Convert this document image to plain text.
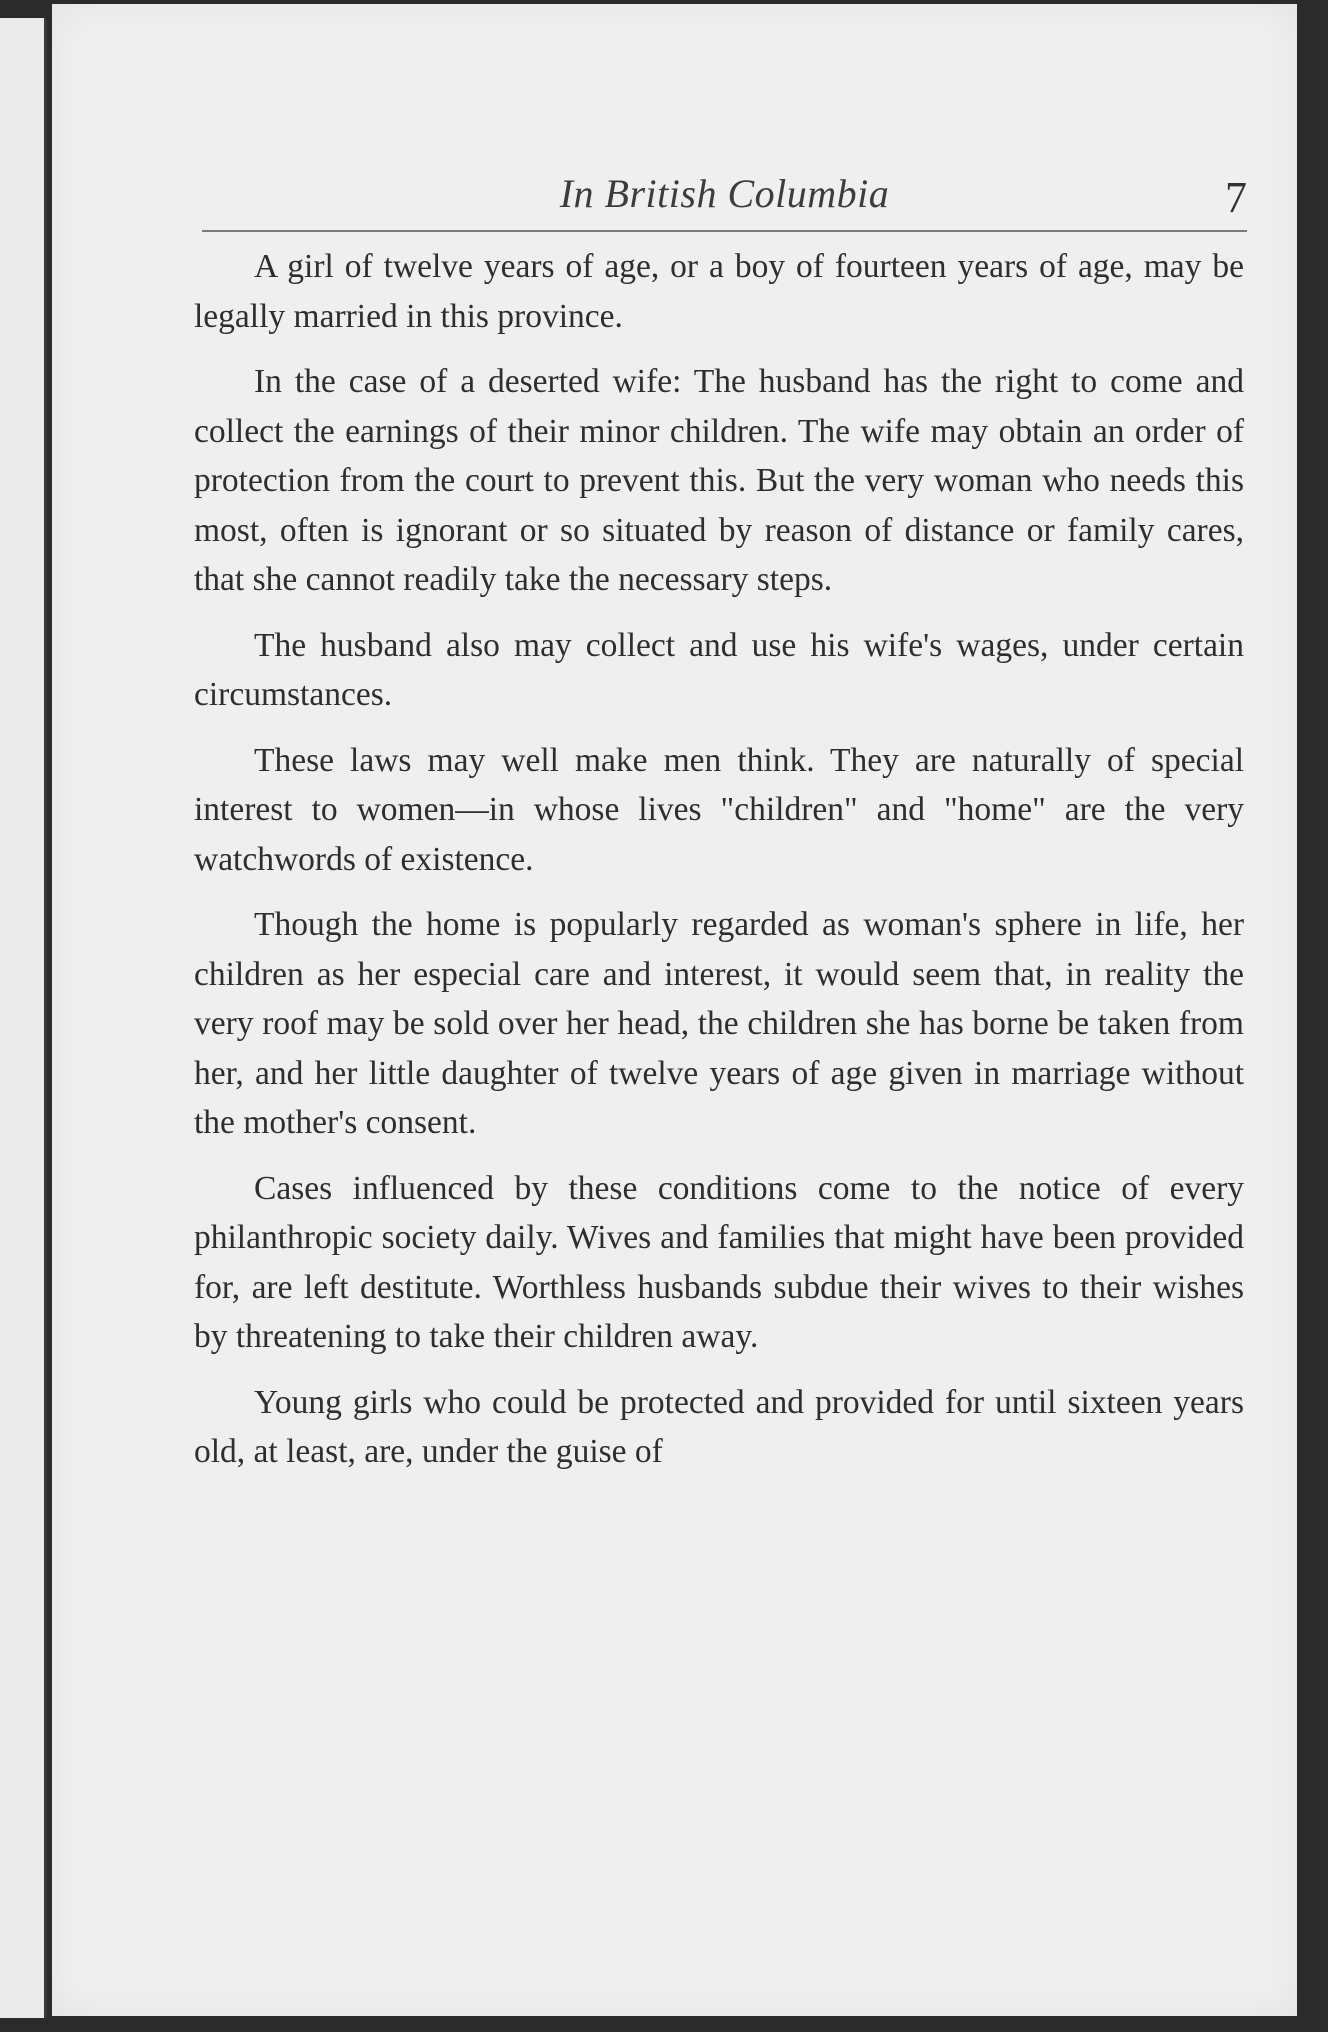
In British Columbia	7

A girl of twelve years of age, or a boy of fourteen years of age, may be legally married in this province.

In the case of a deserted wife: The husband has the right to come and collect the earnings of their minor children. The wife may obtain an order of protection from the court to prevent this. But the very woman who needs this most, often is ignorant or so situated by reason of distance or family cares, that she cannot readily take the necessary steps.

The husband also may collect and use his wife's wages, under certain circumstances.

These laws may well make men think. They are naturally of special interest to women—in whose lives "children" and "home" are the very watchwords of existence.

Though the home is popularly regarded as woman's sphere in life, her children as her especial care and interest, it would seem that, in reality the very roof may be sold over her head, the children she has borne be taken from her, and her little daughter of twelve years of age given in marriage without the mother's consent.

Cases influenced by these conditions come to the notice of every philanthropic society daily. Wives and families that might have been provided for, are left destitute. Worthless husbands subdue their wives to their wishes by threatening to take their children away.

Young girls who could be protected and provided for until sixteen years old, at least, are, under the guise of
